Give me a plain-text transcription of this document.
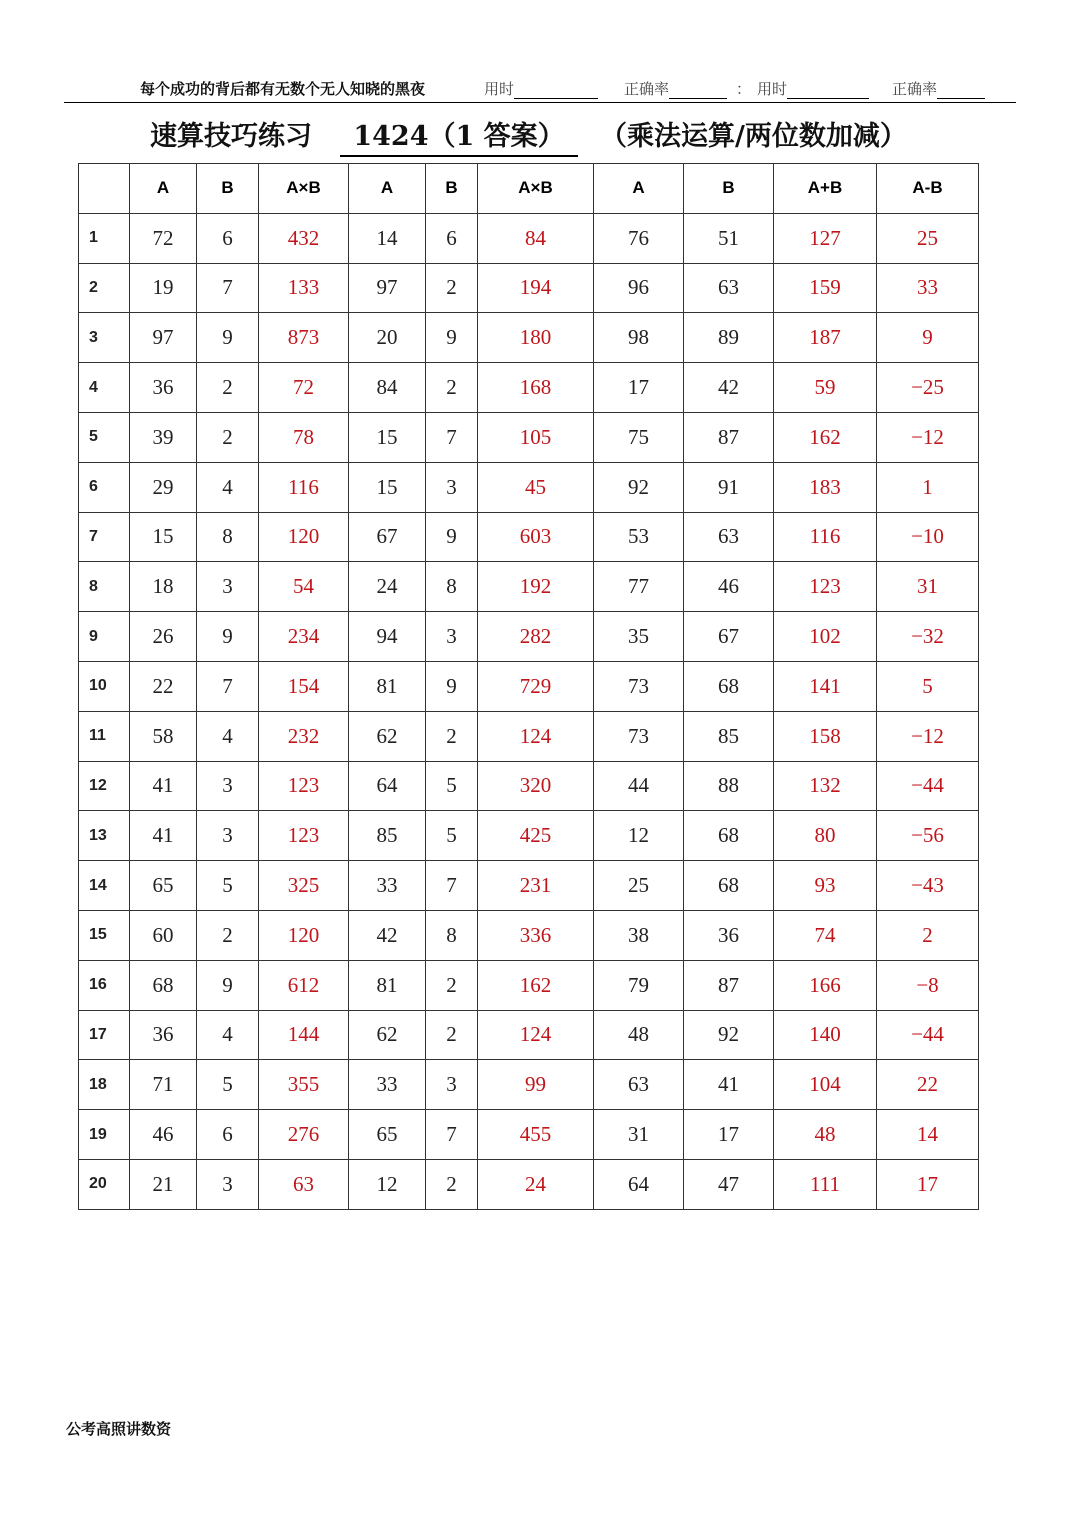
每个成功的背后都有无数个无人知晓的黑夜	用时	正确率	： 用时	正确率
速算技巧练习	1424（1 答案）	（乘法运算/两位数加减）
	A	B	A×B	A	B	A×B	A	B	A+B	A-B
1	72	6	432	14	6	84	76	51	127	25
2	19	7	133	97	2	194	96	63	159	33
3	97	9	873	20	9	180	98	89	187	9
4	36	2	72	84	2	168	17	42	59	−25
5	39	2	78	15	7	105	75	87	162	−12
6	29	4	116	15	3	45	92	91	183	1
7	15	8	120	67	9	603	53	63	116	−10
8	18	3	54	24	8	192	77	46	123	31
9	26	9	234	94	3	282	35	67	102	−32
10	22	7	154	81	9	729	73	68	141	5
11	58	4	232	62	2	124	73	85	158	−12
12	41	3	123	64	5	320	44	88	132	−44
13	41	3	123	85	5	425	12	68	80	−56
14	65	5	325	33	7	231	25	68	93	−43
15	60	2	120	42	8	336	38	36	74	2
16	68	9	612	81	2	162	79	87	166	−8
17	36	4	144	62	2	124	48	92	140	−44
18	71	5	355	33	3	99	63	41	104	22
19	46	6	276	65	7	455	31	17	48	14
20	21	3	63	12	2	24	64	47	111	17
公考高照讲数资
